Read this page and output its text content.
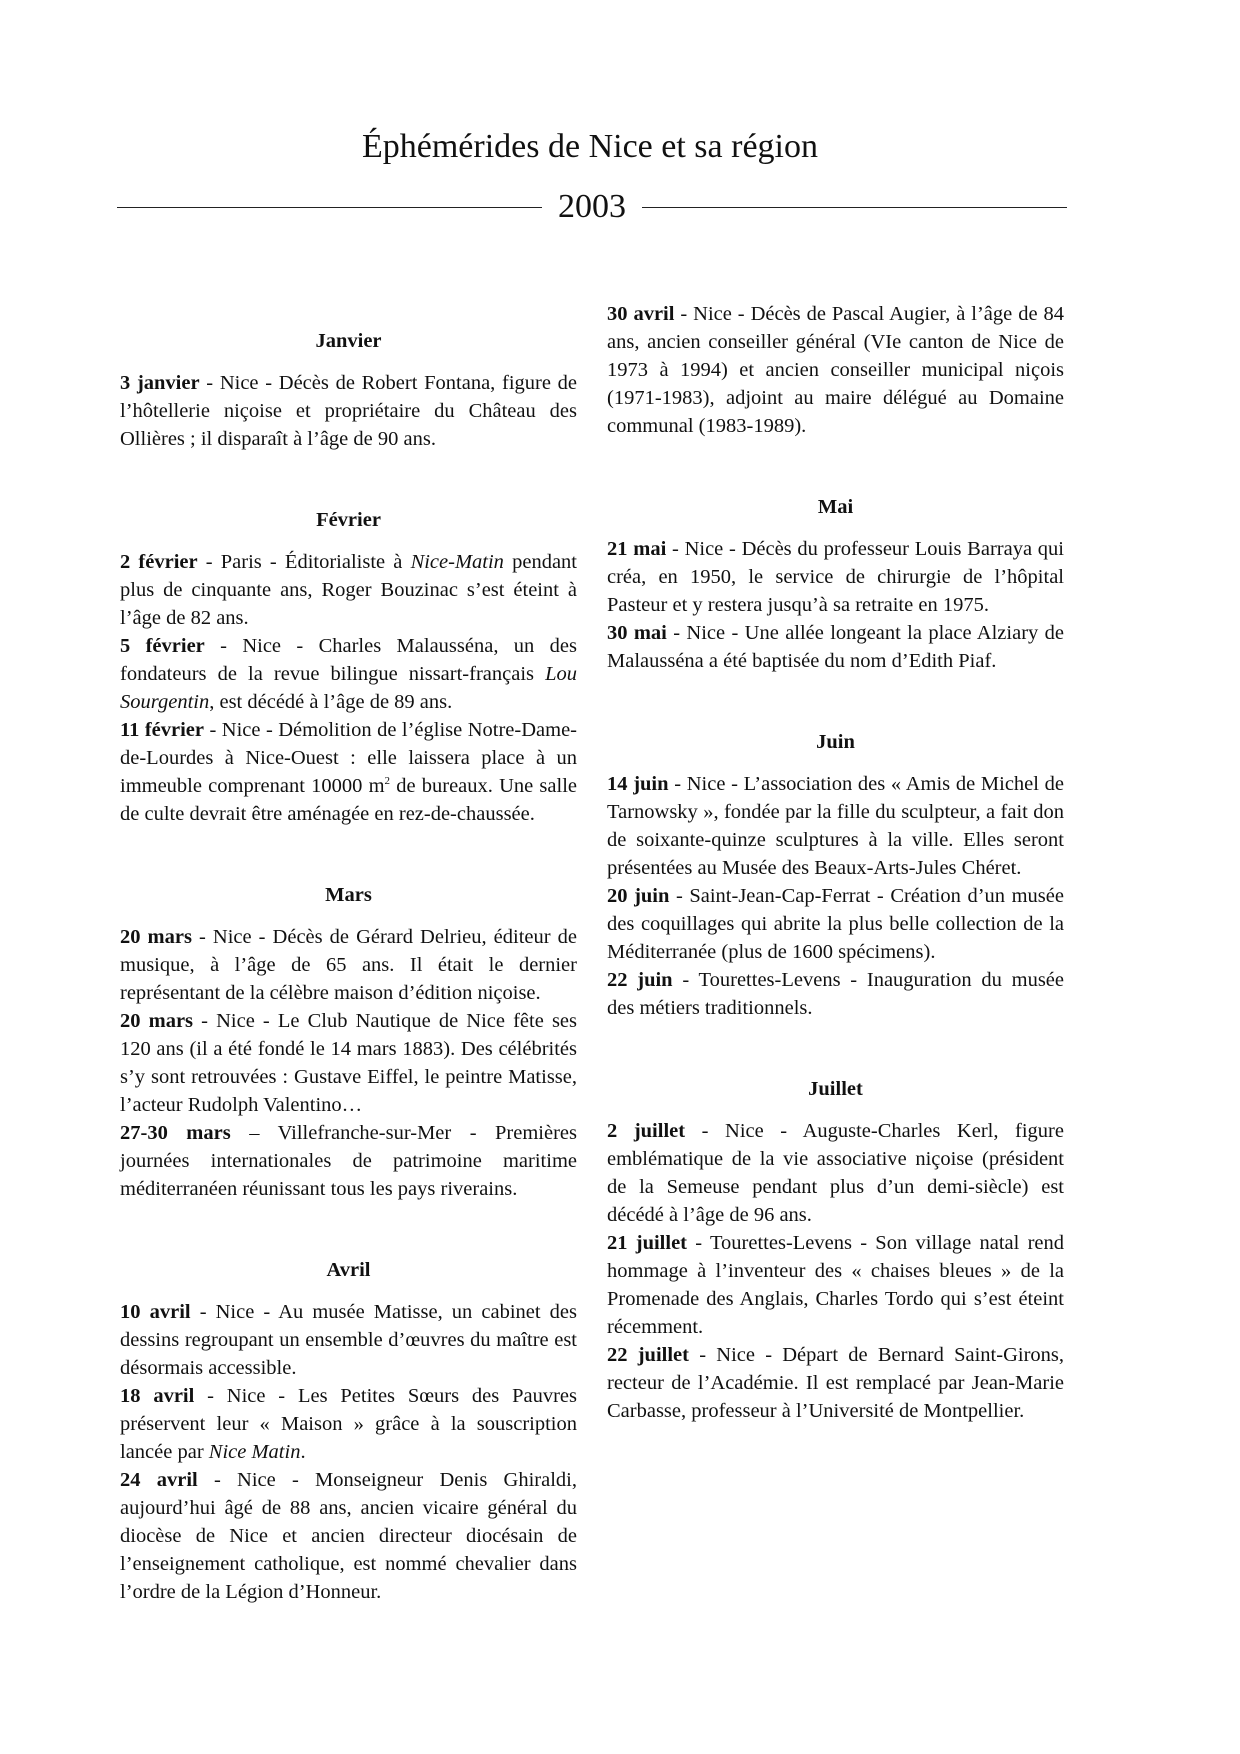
Éphémérides de Nice et sa région
2003

Janvier

3 janvier - Nice - Décès de Robert Fontana, figure de l’hôtellerie niçoise et propriétaire du Château des Ollières ; il disparaît à l’âge de 90 ans.

Février

2 février - Paris - Éditorialiste à Nice-Matin pendant plus de cinquante ans, Roger Bouzinac s’est éteint à l’âge de 82 ans.

5 février - Nice - Charles Malausséna, un des fondateurs de la revue bilingue nissart-français Lou Sourgentin, est décédé à l’âge de 89 ans.

11 février - Nice - Démolition de l’église Notre-Dame-de-Lourdes à Nice-Ouest : elle laissera place à un immeuble comprenant 10000 $m^2$ de bureaux. Une salle de culte devrait être aménagée en rez-de-chaussée.

Mars

20 mars - Nice - Décès de Gérard Delrieu, éditeur de musique, à l’âge de 65 ans. Il était le dernier représentant de la célèbre maison d’édition niçoise.

20 mars - Nice - Le Club Nautique de Nice fête ses 120 ans (il a été fondé le 14 mars 1883). Des célébrités s’y sont retrouvées : Gustave Eiffel, le peintre Matisse, l’acteur Rudolph Valentino…

27-30 mars – Villefranche-sur-Mer - Premières journées internationales de patrimoine maritime méditerranéen réunissant tous les pays riverains.

Avril

10 avril - Nice - Au musée Matisse, un cabinet des dessins regroupant un ensemble d’œuvres du maître est désormais accessible.

18 avril - Nice - Les Petites Sœurs des Pauvres préservent leur « Maison » grâce à la souscription lancée par Nice Matin.

24 avril - Nice - Monseigneur Denis Ghiraldi, aujourd’hui âgé de 88 ans, ancien vicaire général du diocèse de Nice et ancien directeur diocésain de l’enseignement catholique, est nommé chevalier dans l’ordre de la Légion d’Honneur.

30 avril - Nice - Décès de Pascal Augier, à l’âge de 84 ans, ancien conseiller général (VIe canton de Nice de 1973 à 1994) et ancien conseiller municipal niçois (1971-1983), adjoint au maire délégué au Domaine communal (1983-1989).

Mai

21 mai - Nice - Décès du professeur Louis Barraya qui créa, en 1950, le service de chirurgie de l’hôpital Pasteur et y restera jusqu’à sa retraite en 1975.

30 mai - Nice - Une allée longeant la place Alziary de Malausséna a été baptisée du nom d’Edith Piaf.

Juin

14 juin - Nice - L’association des « Amis de Michel de Tarnowsky », fondée par la fille du sculpteur, a fait don de soixante-quinze sculptures à la ville. Elles seront présentées au Musée des Beaux-Arts-Jules Chéret.

20 juin - Saint-Jean-Cap-Ferrat - Création d’un musée des coquillages qui abrite la plus belle collection de la Méditerranée (plus de 1600 spécimens).

22 juin - Tourettes-Levens - Inauguration du musée des métiers traditionnels.

Juillet

2 juillet - Nice - Auguste-Charles Kerl, figure emblématique de la vie associative niçoise (président de la Semeuse pendant plus d’un demi-siècle) est décédé à l’âge de 96 ans.

21 juillet - Tourettes-Levens - Son village natal rend hommage à l’inventeur des « chaises bleues » de la Promenade des Anglais, Charles Tordo qui s’est éteint récemment.

22 juillet - Nice - Départ de Bernard Saint-Girons, recteur de l’Académie. Il est remplacé par Jean-Marie Carbasse, professeur à l’Université de Montpellier.
